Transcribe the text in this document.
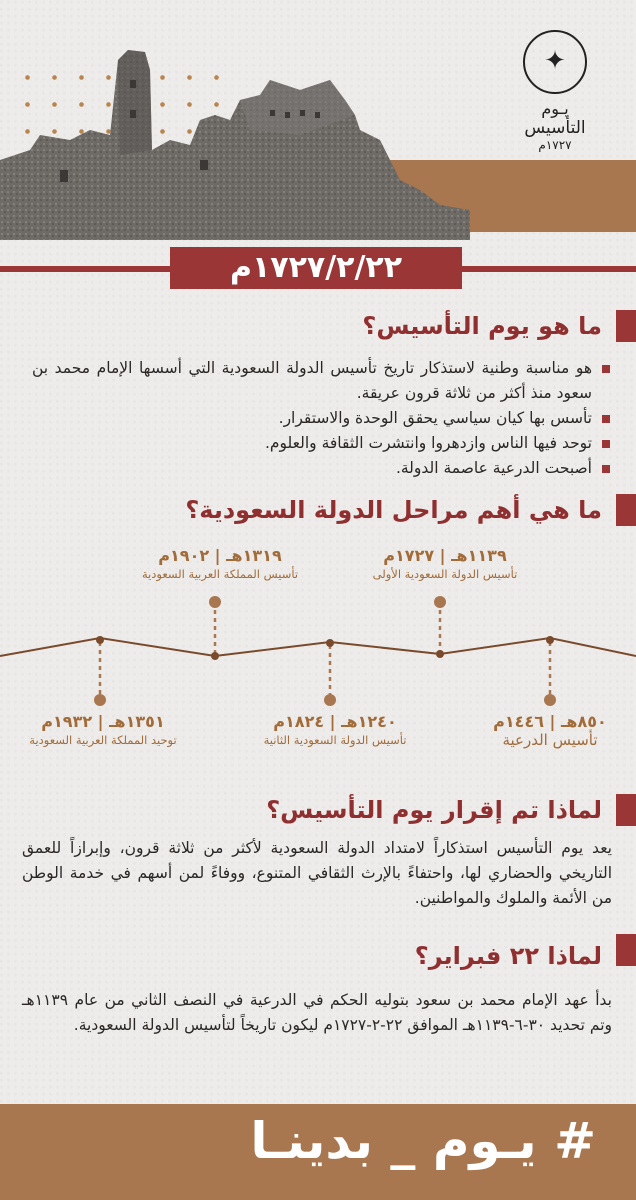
✦
يـوم
التأسيس
١٧٢٧م
١٧٢٧/٢/٢٢م
ما هو يوم التأسيس؟
هو مناسبة وطنية لاستذكار تاريخ تأسيس الدولة السعودية التي أسسها الإمام محمد بن سعود منذ أكثر من ثلاثة قرون عريقة.
تأسس بها كيان سياسي يحقق الوحدة والاستقرار.
توحد فيها الناس وازدهروا وانتشرت الثقافة والعلوم.
أصبحت الدرعية عاصمة الدولة.
ما هي أهم مراحل الدولة السعودية؟
١١٣٩هـ | ١٧٢٧م
تأسيس الدولة السعودية الأولى
١٣١٩هـ | ١٩٠٢م
تأسيس المملكة العربية السعودية
٨٥٠هـ | ١٤٤٦م
تأسيس الدرعية
١٢٤٠هـ | ١٨٢٤م
تأسيس الدولة السعودية الثانية
١٣٥١هـ | ١٩٣٢م
توحيد المملكة العربية السعودية
لماذا تم إقرار يوم التأسيس؟
يعد يوم التأسيس استذكاراً لامتداد الدولة السعودية لأكثر من ثلاثة قرون، وإبرازاً للعمق التاريخي والحضاري لها، واحتفاءً بالإرث الثقافي المتنوع، ووفاءً لمن أسهم في خدمة الوطن من الأئمة والملوك والمواطنين.
لماذا ٢٢ فبراير؟
بدأ عهد الإمام محمد بن سعود بتوليه الحكم في الدرعية في النصف الثاني من عام ١١٣٩هـ وتم تحديد ٣٠-٦-١١٣٩هـ الموافق ٢٢-٢-١٧٢٧م ليكون تاريخاً لتأسيس الدولة السعودية.
# يـوم _ بدينـا
